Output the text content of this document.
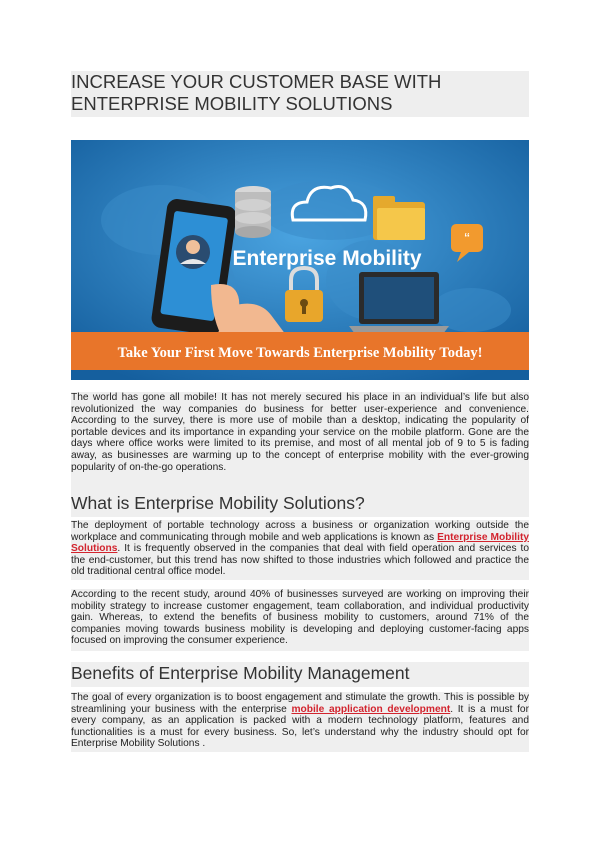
INCREASE YOUR CUSTOMER BASE WITH
ENTERPRISE MOBILITY SOLUTIONS
“
Enterprise Mobility
Take Your First Move Towards Enterprise Mobility Today!

The world has gone all mobile! It has not merely secured his place in an individual’s life but also revolutionized the way companies do business for better user-experience and convenience. According to the survey, there is more use of mobile than a desktop, indicating the popularity of portable devices and its importance in expanding your service on the mobile platform. Gone are the days where office works were limited to its premise, and most of all mental job of 9 to 5 is fading away, as businesses are warming up to the concept of enterprise mobility with the ever-growing popularity of on-the-go operations.

What is Enterprise Mobility Solutions?

The deployment of portable technology across a business or organization working outside the workplace and communicating through mobile and web applications is known as Enterprise Mobility Solutions. It is frequently observed in the companies that deal with field operation and services to the end-customer, but this trend has now shifted to those industries which followed and practice the old traditional central office model.

According to the recent study, around 40% of businesses surveyed are working on improving their mobility strategy to increase customer engagement, team collaboration, and individual productivity gain. Whereas, to extend the benefits of business mobility to customers, around 71% of the companies moving towards business mobility is developing and deploying customer-facing apps focused on improving the consumer experience.

Benefits of Enterprise Mobility Management

The goal of every organization is to boost engagement and stimulate the growth. This is possible by streamlining your business with the enterprise mobile application development. It is a must for every company, as an application is packed with a modern technology platform, features and functionalities is a must for every business. So, let’s understand why the industry should opt for Enterprise Mobility Solutions .
